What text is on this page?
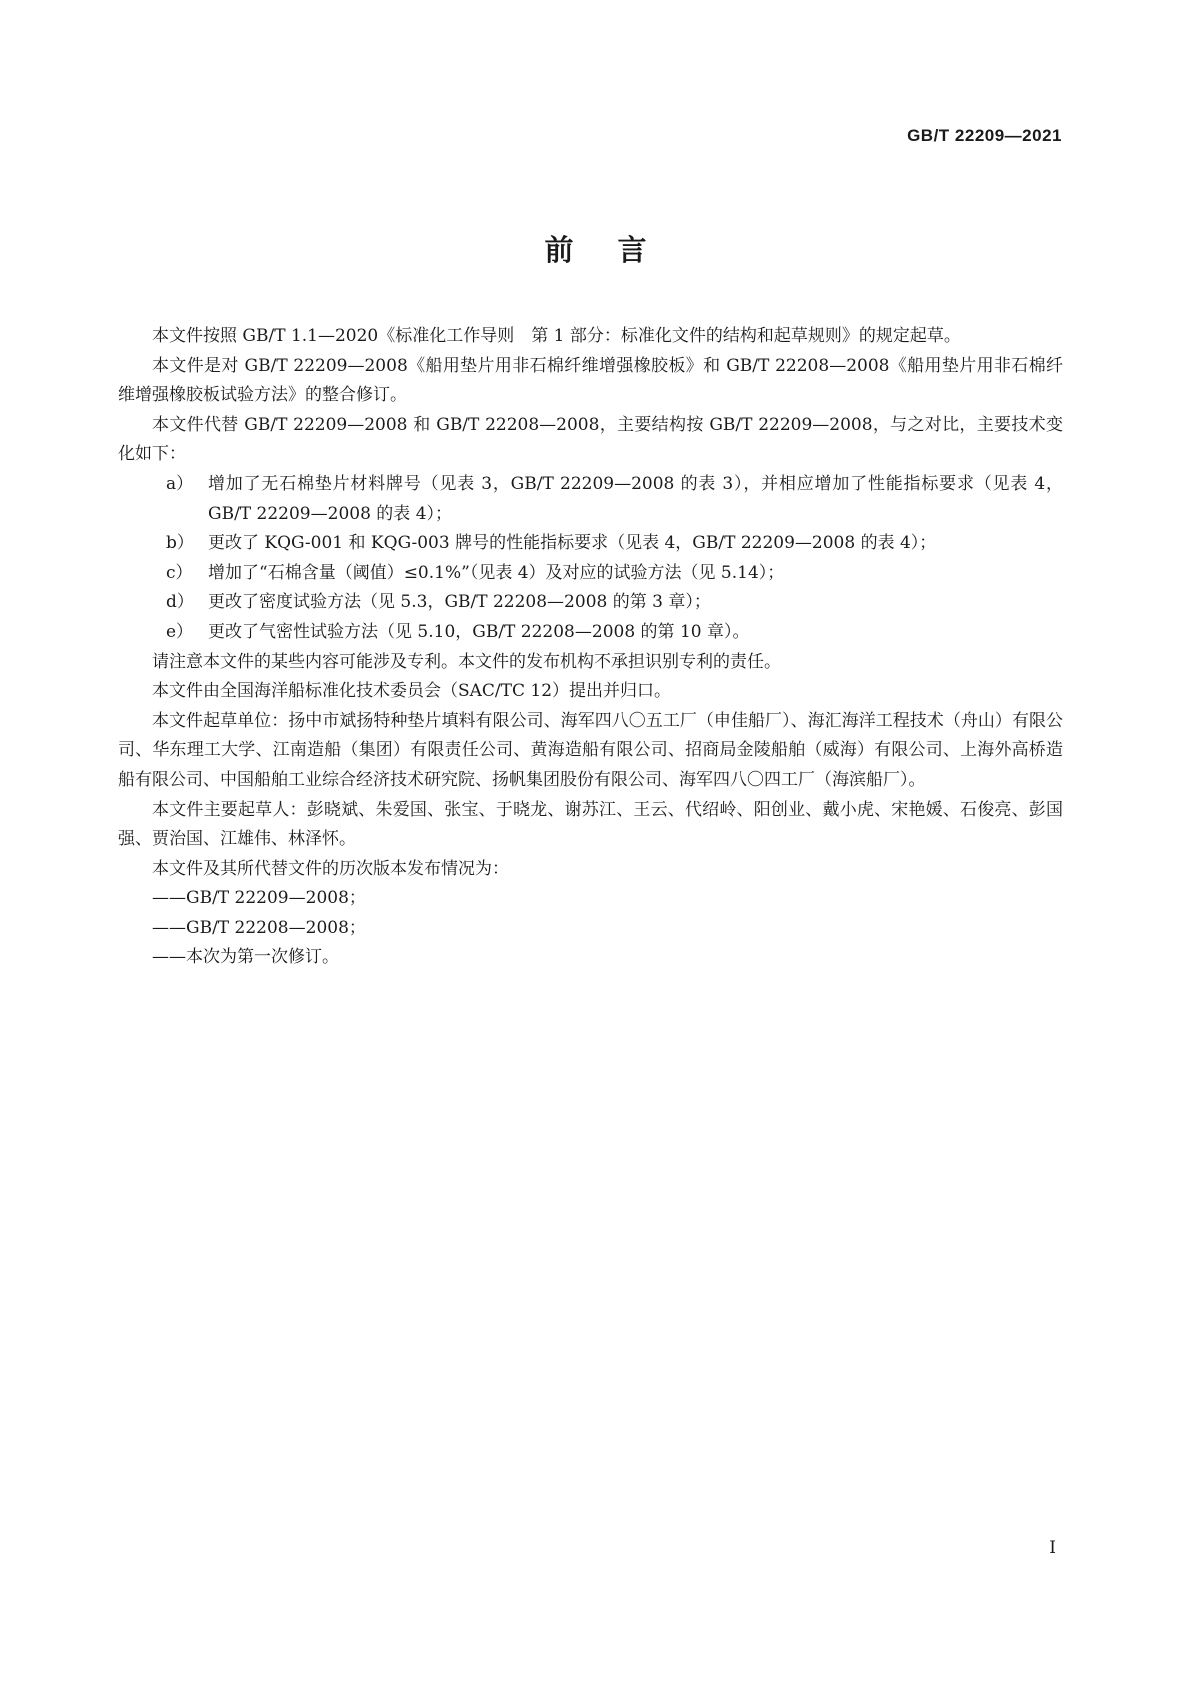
GB/T 22209—2021
前言

本文件按照 GB/T 1.1—2020《标准化工作导则　第 1 部分：标准化文件的结构和起草规则》的规定起草。

本文件是对 GB/T 22209—2008《船用垫片用非石棉纤维增强橡胶板》和 GB/T 22208—2008《船用垫片用非石棉纤维增强橡胶板试验方法》的整合修订。

本文件代替 GB/T 22209—2008 和 GB/T 22208—2008，主要结构按 GB/T 22209—2008，与之对比，主要技术变化如下：

a） 增加了无石棉垫片材料牌号（见表 3，GB/T 22209—2008 的表 3），并相应增加了性能指标要求（见表 4，GB/T 22209—2008 的表 4）；
b） 更改了 KQG-001 和 KQG-003 牌号的性能指标要求（见表 4，GB/T 22209—2008 的表 4）；
c） 增加了“石棉含量（阈值）≤0.1%”（见表 4）及对应的试验方法（见 5.14）；
d） 更改了密度试验方法（见 5.3，GB/T 22208—2008 的第 3 章）；
e） 更改了气密性试验方法（见 5.10，GB/T 22208—2008 的第 10 章）。

请注意本文件的某些内容可能涉及专利。本文件的发布机构不承担识别专利的责任。

本文件由全国海洋船标准化技术委员会（SAC/TC 12）提出并归口。

本文件起草单位：扬中市斌扬特种垫片填料有限公司、海军四八〇五工厂（申佳船厂）、海汇海洋工程技术（舟山）有限公司、华东理工大学、江南造船（集团）有限责任公司、黄海造船有限公司、招商局金陵船舶（威海）有限公司、上海外高桥造船有限公司、中国船舶工业综合经济技术研究院、扬帆集团股份有限公司、海军四八〇四工厂（海滨船厂）。

本文件主要起草人：彭晓斌、朱爱国、张宝、于晓龙、谢苏江、王云、代绍岭、阳创业、戴小虎、宋艳媛、石俊亮、彭国强、贾治国、江雄伟、林泽怀。

本文件及其所代替文件的历次版本发布情况为：

——GB/T 22209—2008；

——GB/T 22208—2008；

——本次为第一次修订。

I
